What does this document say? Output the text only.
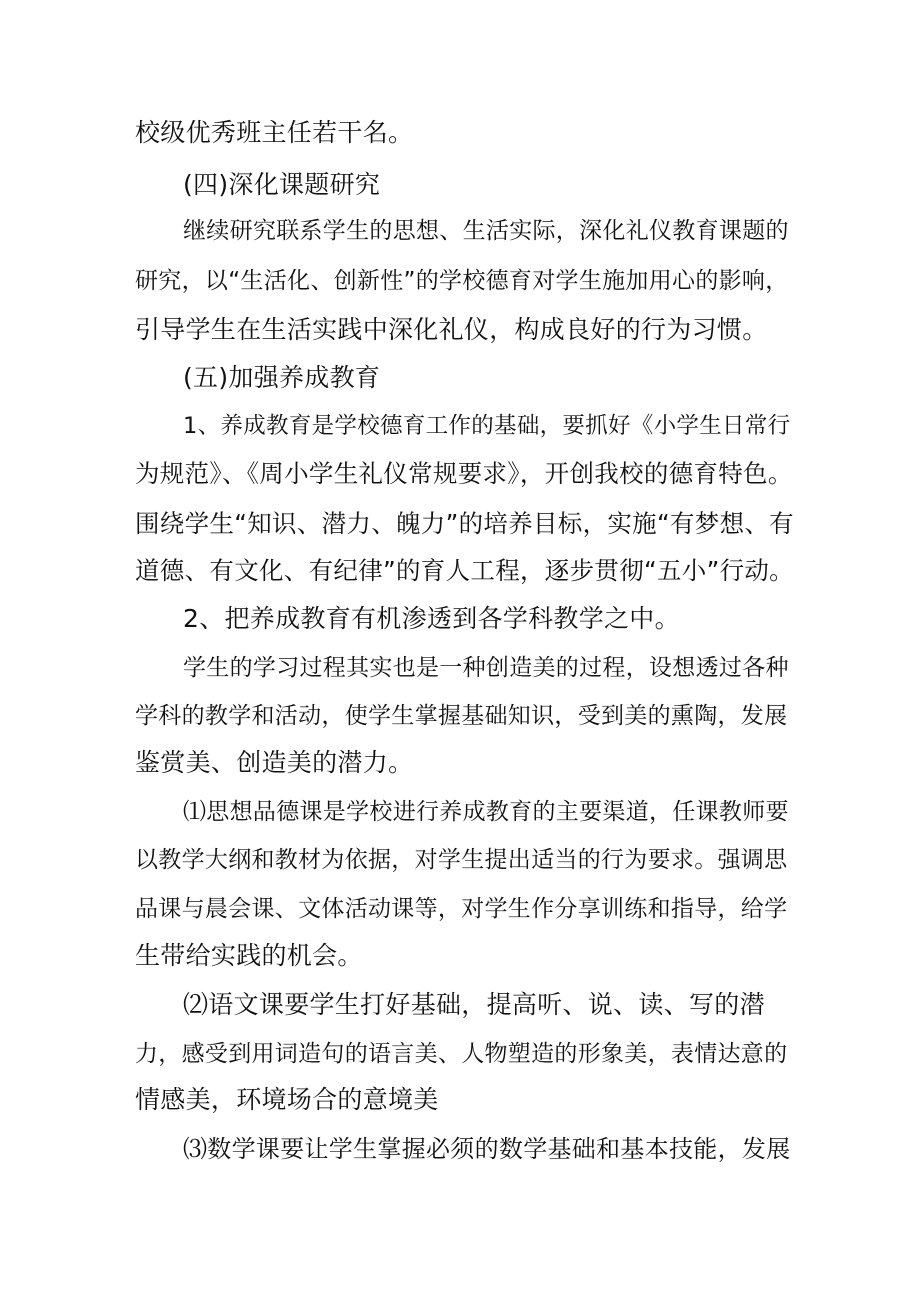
校级优秀班主任若干名。
(四)深化课题研究
继续研究联系学生的思想、生活实际，深化礼仪教育课题的
研究，以“生活化、创新性”的学校德育对学生施加用心的影响，
引导学生在生活实践中深化礼仪，构成良好的行为习惯。
(五)加强养成教育
1、养成教育是学校德育工作的基础，要抓好《小学生日常行
为规范》、《周小学生礼仪常规要求》，开创我校的德育特色。
围绕学生“知识、潜力、魄力”的培养目标，实施“有梦想、有
道德、有文化、有纪律”的育人工程，逐步贯彻“五小”行动。
2、把养成教育有机渗透到各学科教学之中。
学生的学习过程其实也是一种创造美的过程，设想透过各种
学科的教学和活动，使学生掌握基础知识，受到美的熏陶，发展
鉴赏美、创造美的潜力。
⑴思想品德课是学校进行养成教育的主要渠道，任课教师要
以教学大纲和教材为依据，对学生提出适当的行为要求。强调思
品课与晨会课、文体活动课等，对学生作分享训练和指导，给学
生带给实践的机会。
⑵语文课要学生打好基础，提高听、说、读、写的潜
力，感受到用词造句的语言美、人物塑造的形象美，表情达意的
情感美，环境场合的意境美
⑶数学课要让学生掌握必须的数学基础和基本技能，发展
